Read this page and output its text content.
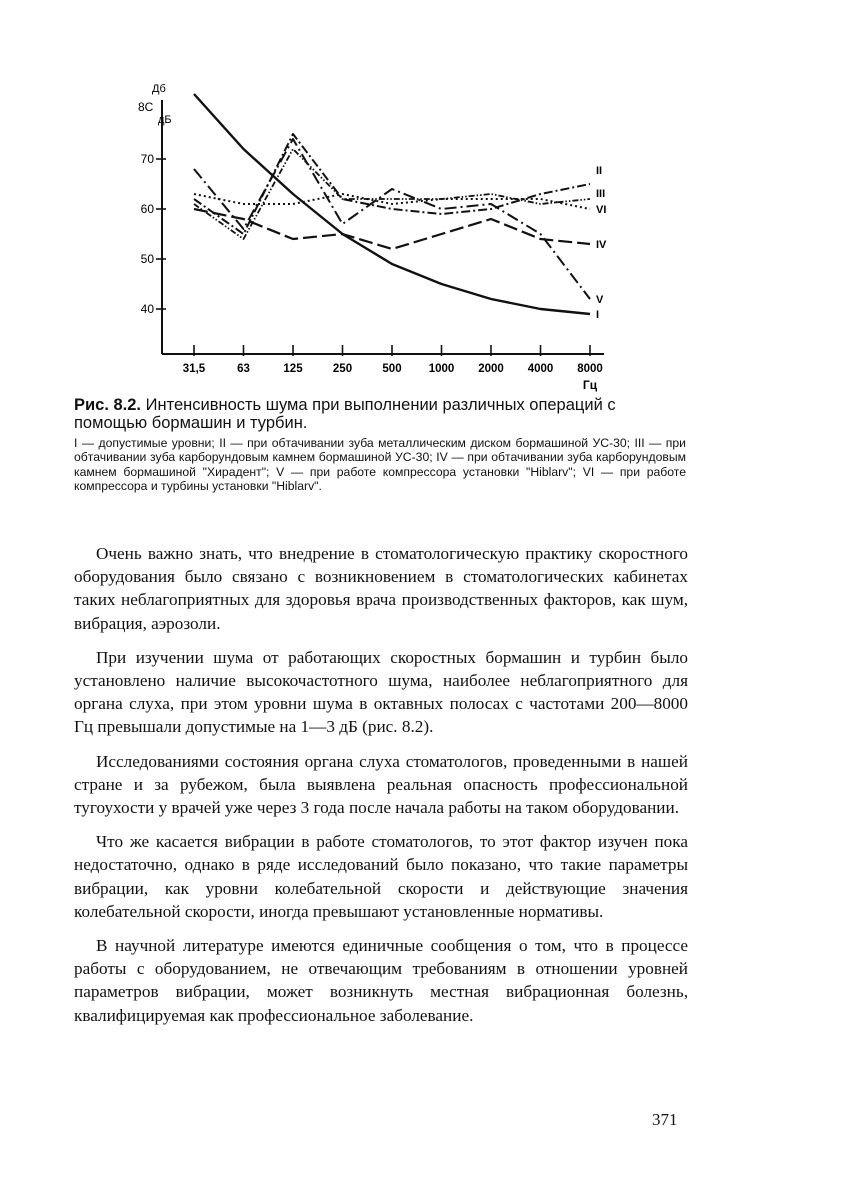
40
50
60
70
8С
Дб
дБ
31,5	63	125	250	500 1000 2000 4000 8000
Гц
I
II
III
IV
V
VI

Рис. 8.2. Интенсивность шума при выполнении различных операций с помощью бормашин и турбин.

I — допустимые уровни; II — при обтачивании зуба металлическим диском бормашиной УС-30; III — при обтачивании зуба карборундовым камнем бормашиной УС-30; IV — при обтачивании зуба карборундовым камнем бормашиной "Хирадент"; V — при работе компрессора установки "Hiblarv"; VI — при работе компрессора и турбины установки "Hiblarv".

Очень важно знать, что внедрение в стоматологическую практику скоростного оборудования было связано с возникновением в стоматологических кабинетах таких неблагоприятных для здоровья врача производственных факторов, как шум, вибрация, аэрозоли.

При изучении шума от работающих скоростных бормашин и турбин было установлено наличие высокочастотного шума, наиболее неблагоприятного для органа слуха, при этом уровни шума в октавных полосах с частотами 200—8000 Гц превышали допустимые на 1—3 дБ (рис. 8.2).

Исследованиями состояния органа слуха стоматологов, проведенными в нашей стране и за рубежом, была выявлена реальная опасность профессиональной тугоухости у врачей уже через 3 года после начала работы на таком оборудовании.

Что же касается вибрации в работе стоматологов, то этот фактор изучен пока недостаточно, однако в ряде исследований было показано, что такие параметры вибрации, как уровни колебательной скорости и действующие значения колебательной скорости, иногда превышают установленные нормативы.

В научной литературе имеются единичные сообщения о том, что в процессе работы с оборудованием, не отвечающим требованиям в отношении уровней параметров вибрации, может возникнуть местная вибрационная болезнь, квалифицируемая как профессиональное заболевание.

371
